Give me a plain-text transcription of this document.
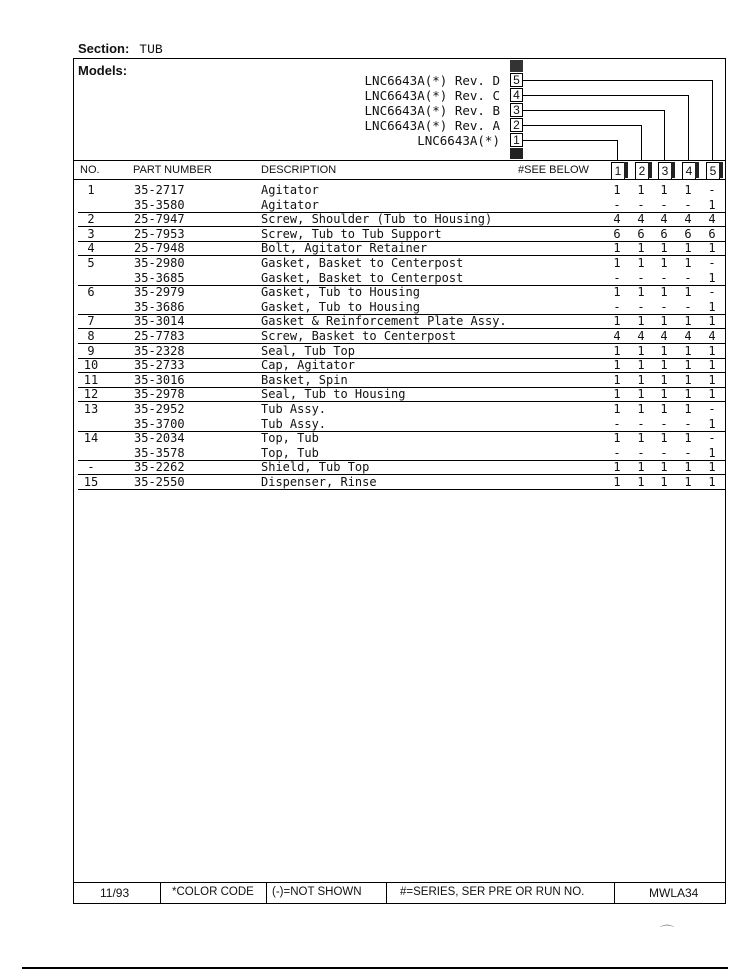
Section: TUB
Models:
LNC6643A(*) Rev. D 5
LNC6643A(*) Rev. C 4
LNC6643A(*) Rev. B 3
LNC6643A(*) Rev. A 2
LNC6643A(*) 1
NO.	PART NUMBER	DESCRIPTION	#SEE BELOW	1	2	3	4	5
1	35-2717	Agitator	1 1 1 1 -
35-3580	Agitator	- - - - 1
2	25-7947	Screw, Shoulder (Tub to Housing)	4 4 4 4 4
3	25-7953	Screw, Tub to Tub Support	6 6 6 6 6
4	25-7948	Bolt, Agitator Retainer	1 1 1 1 1
5	35-2980	Gasket, Basket to Centerpost	1 1 1 1 -
35-3685	Gasket, Basket to Centerpost	- - - - 1
6	35-2979	Gasket, Tub to Housing	1 1 1 1 -
35-3686	Gasket, Tub to Housing	- - - - 1
7	35-3014	Gasket & Reinforcement Plate Assy.	1 1 1 1 1
8	25-7783	Screw, Basket to Centerpost	4 4 4 4 4
9	35-2328	Seal, Tub Top	1 1 1 1 1
10	35-2733	Cap, Agitator	1 1 1 1 1
11	35-3016	Basket, Spin	1 1 1 1 1
12	35-2978	Seal, Tub to Housing	1 1 1 1 1
13	35-2952	Tub Assy.	1 1 1 1 -
35-3700	Tub Assy.	- - - - 1
14	35-2034	Top, Tub	1 1 1 1 -
35-3578	Top, Tub	- - - - 1
-	35-2262	Shield, Tub Top	1 1 1 1 1
15	35-2550	Dispenser, Rinse	1 1 1 1 1
11/93	*COLOR CODE (-)=NOT SHOWN	#=SERIES, SER PRE OR RUN NO.	MWLA34
⌒
